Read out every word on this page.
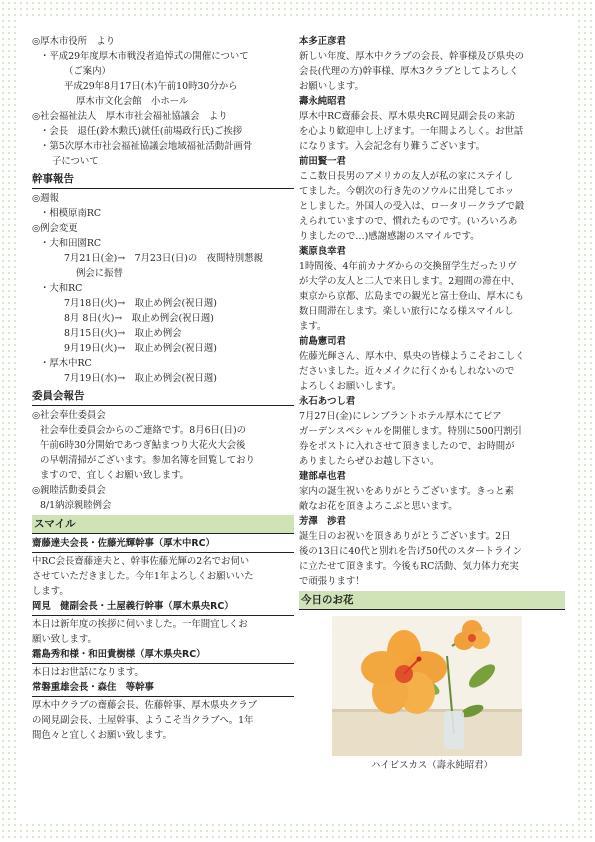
◎厚木市役所　より
・平成29年度厚木市戦没者追悼式の開催について
（ご案内）
平成29年8月17日(木)午前10時30分から
厚木市文化会館　小ホール
◎社会福祉法人　厚木市社会福祉協議会　より
・会長　退任(鈴木勲氏)就任(前場政行氏)ご挨拶
・第5次厚木市社会福祉協議会地域福祉活動計画骨
子について
幹事報告
◎週報
・相模原南RC
◎例会変更
・大和田園RC
7月21日(金)→　7月23日(日)の　夜間特別懇親
例会に振替
・大和RC
7月18日(火)→　取止め例会(祝日週)
8月 8日(火)→　取止め例会(祝日週)
8月15日(火)→　取止め例会
9月19日(火)→　取止め例会(祝日週)
・厚木中RC
7月19日(水)→　取止め例会(祝日週)
委員会報告
◎社会奉仕委員会
社会奉仕委員会からのご連絡です。8月6日(日)の
午前6時30分開始であつぎ鮎まつり大花火大会後
の早朝清掃がございます。参加名簿を回覧しており
ますので、宜しくお願い致します。
◎親睦活動委員会
8/1納涼親睦例会
スマイル
齋藤達夫会長・佐藤光輝幹事（厚木中RC）
中RC会長齋藤達夫と、幹事佐藤光輝の2名でお伺い
させていただきました。今年1年よろしくお願いいた
します。
岡見　健副会長・土屋義行幹事（厚木県央RC）
本日は新年度の挨拶に伺いました。一年間宜しくお
願い致します。
霜島秀和様・和田貴樹様（厚木県央RC）
本日はお世話になります。
常磐重雄会長・森住　等幹事
厚木中クラブの齋藤会長、佐藤幹事、厚木県央クラブ
の岡見副会長、土屋幹事、ようこそ当クラブへ。1年
間色々と宜しくお願い致します。
本多正彦君
新しい年度、厚木中クラブの会長、幹事様及び県央の
会長(代理の方)幹事様、厚木3クラブとしてよろしく
お願いします。
壽永純昭君
厚木中RC齋藤会長、厚木県央RC岡見副会長の来訪
を心より歓迎申し上げます。一年間よろしく。お世話
になります。入会記念有り難うございます。
前田賢一君
ここ数日長男のアメリカの友人が私の家にステイし
てました。今朝次の行き先のソウルに出発してホッ
としました。外国人の受入は、ロータリークラブで鍛
えられていますので、慣れたものです。(いろいろあ
りましたので…)感謝感謝のスマイルです。
薬原良幸君
1時間後、4年前カナダからの交換留学生だったリヴ
が大学の友人と二人で来日します。2週間の滞在中、
東京から京都、広島までの観光と富士登山、厚木にも
数日間滞在します。楽しい旅行になる様スマイルし
ます。
前島憲司君
佐藤光輝さん、厚木中、県央の皆様ようこそおこしく
ださいました。近々メイクに行くかもしれないので
よろしくお願いします。
永石あつし君
7月27日(金)にレンブラントホテル厚木にてビア
ガーデンスペシャルを開催します。特別に500円割引
券をポストに入れさせて頂きましたので、お時間が
ありましたらぜひお越し下さい。
建部卓也君
家内の誕生祝いをありがとうございます。きっと素
敵なお花を頂きよろこぶと思います。
芳澤　渉君
誕生日のお祝いを頂きありがとうございます。2日
後の13日に40代と別れを告げ50代のスタートライン
に立たせて頂きます。今後もRC活動、気力体力充実
で頑張ります！
今日のお花
ハイビスカス（壽永純昭君）
